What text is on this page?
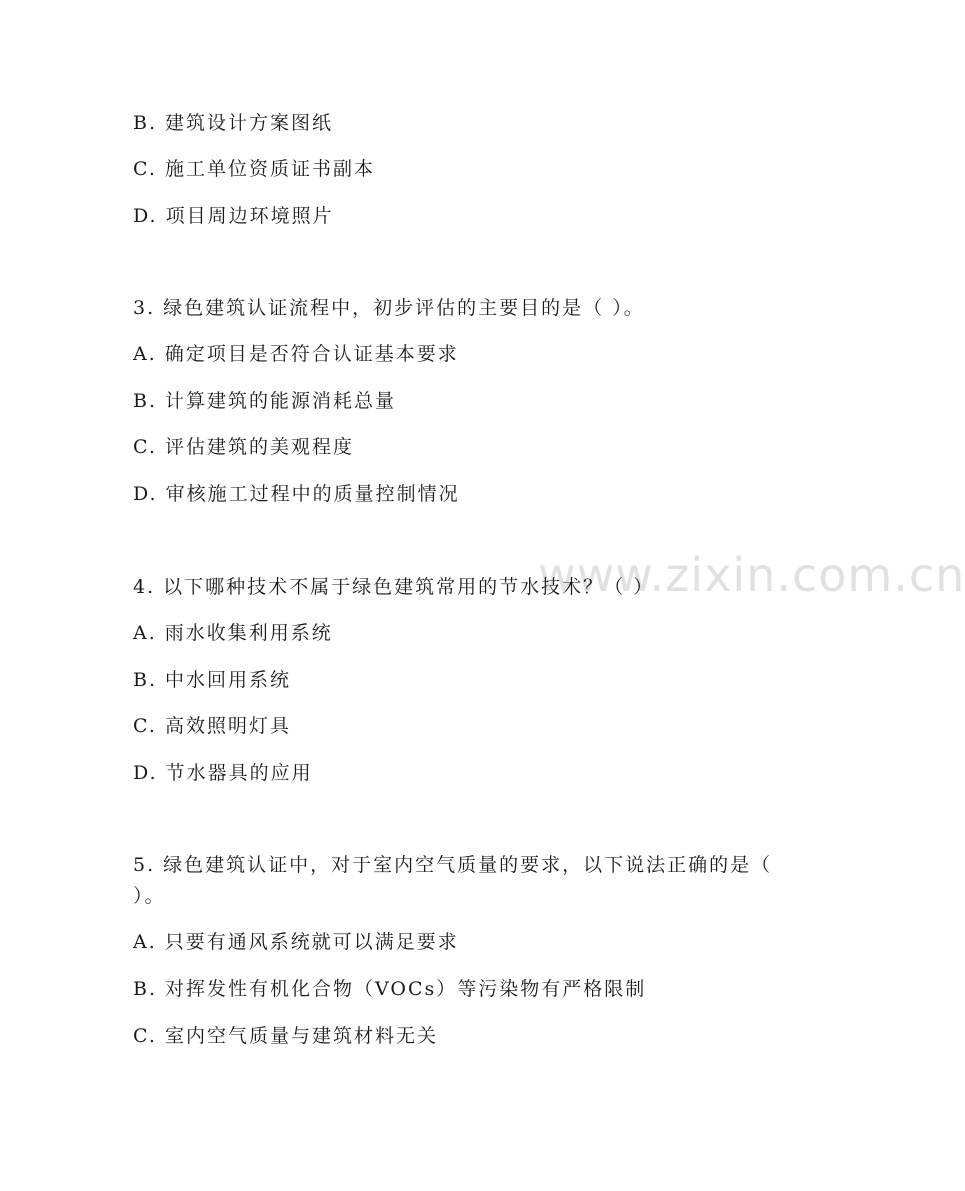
www.zixin.com.cn
B. 建筑设计方案图纸
C. 施工单位资质证书副本
D. 项目周边环境照片
3. 绿色建筑认证流程中，初步评估的主要目的是（ ）。
A. 确定项目是否符合认证基本要求
B. 计算建筑的能源消耗总量
C. 评估建筑的美观程度
D. 审核施工过程中的质量控制情况
4. 以下哪种技术不属于绿色建筑常用的节水技术？（ ）
A. 雨水收集利用系统
B. 中水回用系统
C. 高效照明灯具
D. 节水器具的应用
5. 绿色建筑认证中，对于室内空气质量的要求，以下说法正确的是（
）。
A. 只要有通风系统就可以满足要求
B. 对挥发性有机化合物（VOCs）等污染物有严格限制
C. 室内空气质量与建筑材料无关
